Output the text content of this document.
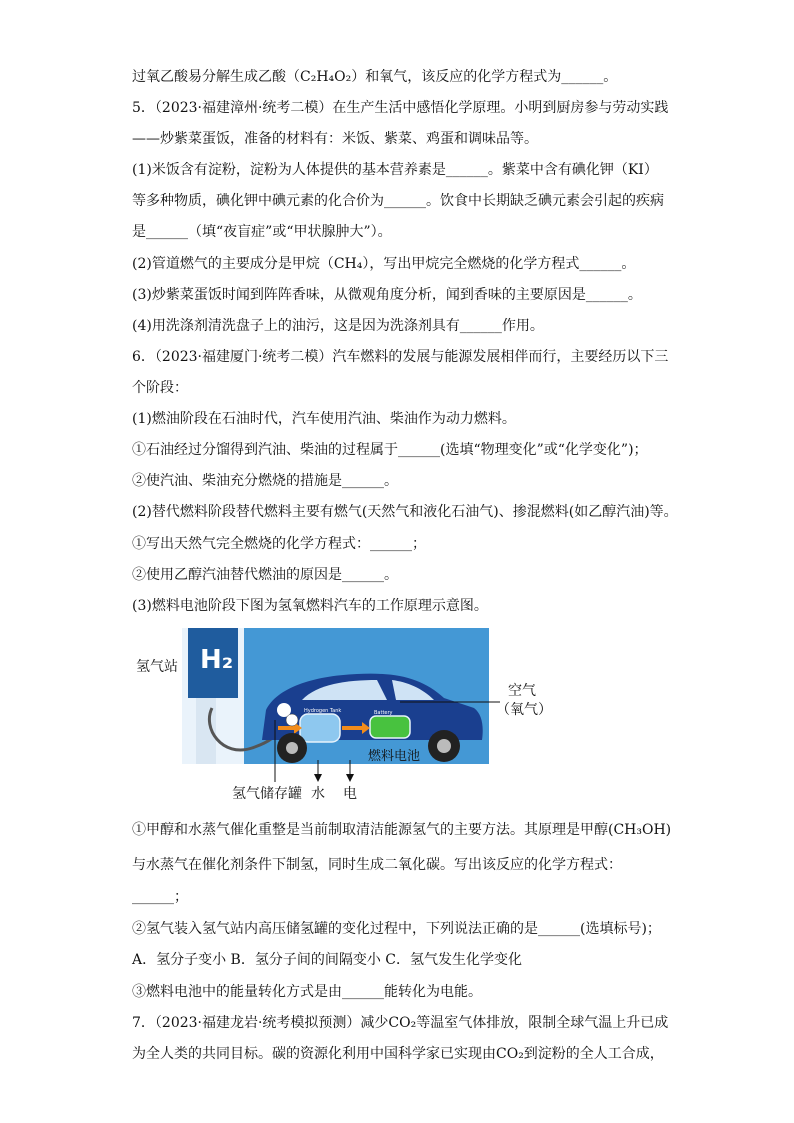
过氧乙酸易分解生成乙酸（C₂H₄O₂）和氧气，该反应的化学方程式为______。
5．（2023·福建漳州·统考二模）在生产生活中感悟化学原理。小明到厨房参与劳动实践
——炒紫菜蛋饭，准备的材料有：米饭、紫菜、鸡蛋和调味品等。
(1)米饭含有淀粉，淀粉为人体提供的基本营养素是______。紫菜中含有碘化钾（KI）
等多种物质，碘化钾中碘元素的化合价为______。饮食中长期缺乏碘元素会引起的疾病
是______（填“夜盲症”或“甲状腺肿大”）。
(2)管道燃气的主要成分是甲烷（CH₄），写出甲烷完全燃烧的化学方程式______。
(3)炒紫菜蛋饭时闻到阵阵香味，从微观角度分析，闻到香味的主要原因是______。
(4)用洗涤剂清洗盘子上的油污，这是因为洗涤剂具有______作用。
6．（2023·福建厦门·统考二模）汽车燃料的发展与能源发展相伴而行，主要经历以下三
个阶段：
(1)燃油阶段在石油时代，汽车使用汽油、柴油作为动力燃料。
①石油经过分馏得到汽油、柴油的过程属于______(选填“物理变化”或“化学变化”)；
②使汽油、柴油充分燃烧的措施是______。
(2)替代燃料阶段替代燃料主要有燃气(天然气和液化石油气)、掺混燃料(如乙醇汽油)等。
①写出天然气完全燃烧的化学方程式：______；
②使用乙醇汽油替代燃油的原因是______。
(3)燃料电池阶段下图为氢氧燃料汽车的工作原理示意图。
氢气站 H₂
Hydrogen Tank	Battery
燃料电池
空气
（氧气）
氢气储存罐 水 电
①甲醇和水蒸气催化重整是当前制取清洁能源氢气的主要方法。其原理是甲醇(CH₃OH)
与水蒸气在催化剂条件下制氢，同时生成二氧化碳。写出该反应的化学方程式：
______；
②氢气装入氢气站内高压储氢罐的变化过程中，下列说法正确的是______(选填标号)；
A．氢分子变小 B．氢分子间的间隔变小 C．氢气发生化学变化
③燃料电池中的能量转化方式是由______能转化为电能。
7．（2023·福建龙岩·统考模拟预测）减少CO₂等温室气体排放，限制全球气温上升已成
为全人类的共同目标。碳的资源化利用中国科学家已实现由CO₂到淀粉的全人工合成，
